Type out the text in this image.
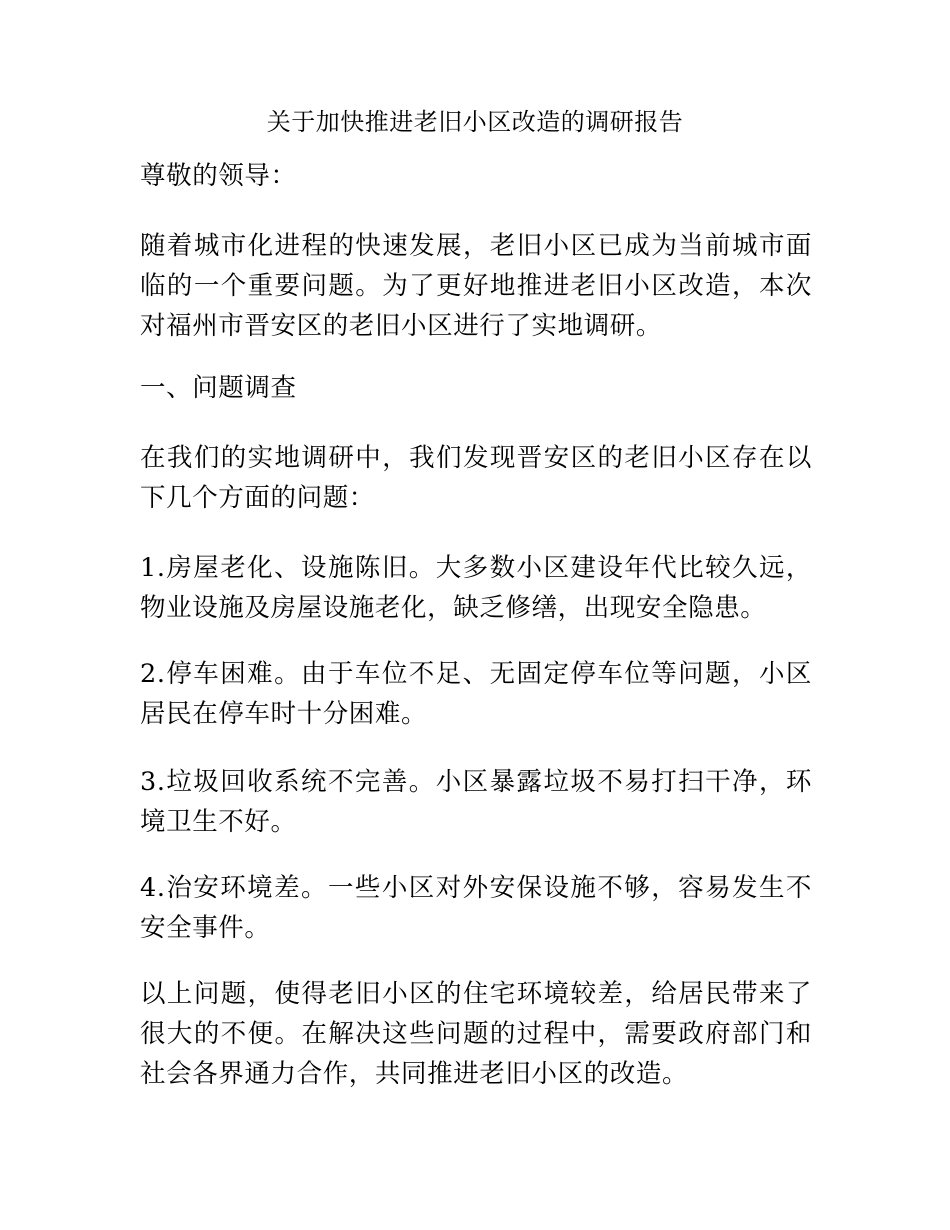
关于加快推进老旧小区改造的调研报告

尊敬的领导：

随着城市化进程的快速发展，老旧小区已成为当前城市面临的一个重要问题。为了更好地推进老旧小区改造，本次对福州市晋安区的老旧小区进行了实地调研。

一、问题调查

在我们的实地调研中，我们发现晋安区的老旧小区存在以下几个方面的问题：

1.房屋老化、设施陈旧。大多数小区建设年代比较久远，物业设施及房屋设施老化，缺乏修缮，出现安全隐患。

2.停车困难。由于车位不足、无固定停车位等问题，小区居民在停车时十分困难。

3.垃圾回收系统不完善。小区暴露垃圾不易打扫干净，环境卫生不好。

4.治安环境差。一些小区对外安保设施不够，容易发生不安全事件。

以上问题，使得老旧小区的住宅环境较差，给居民带来了很大的不便。在解决这些问题的过程中，需要政府部门和社会各界通力合作，共同推进老旧小区的改造。
